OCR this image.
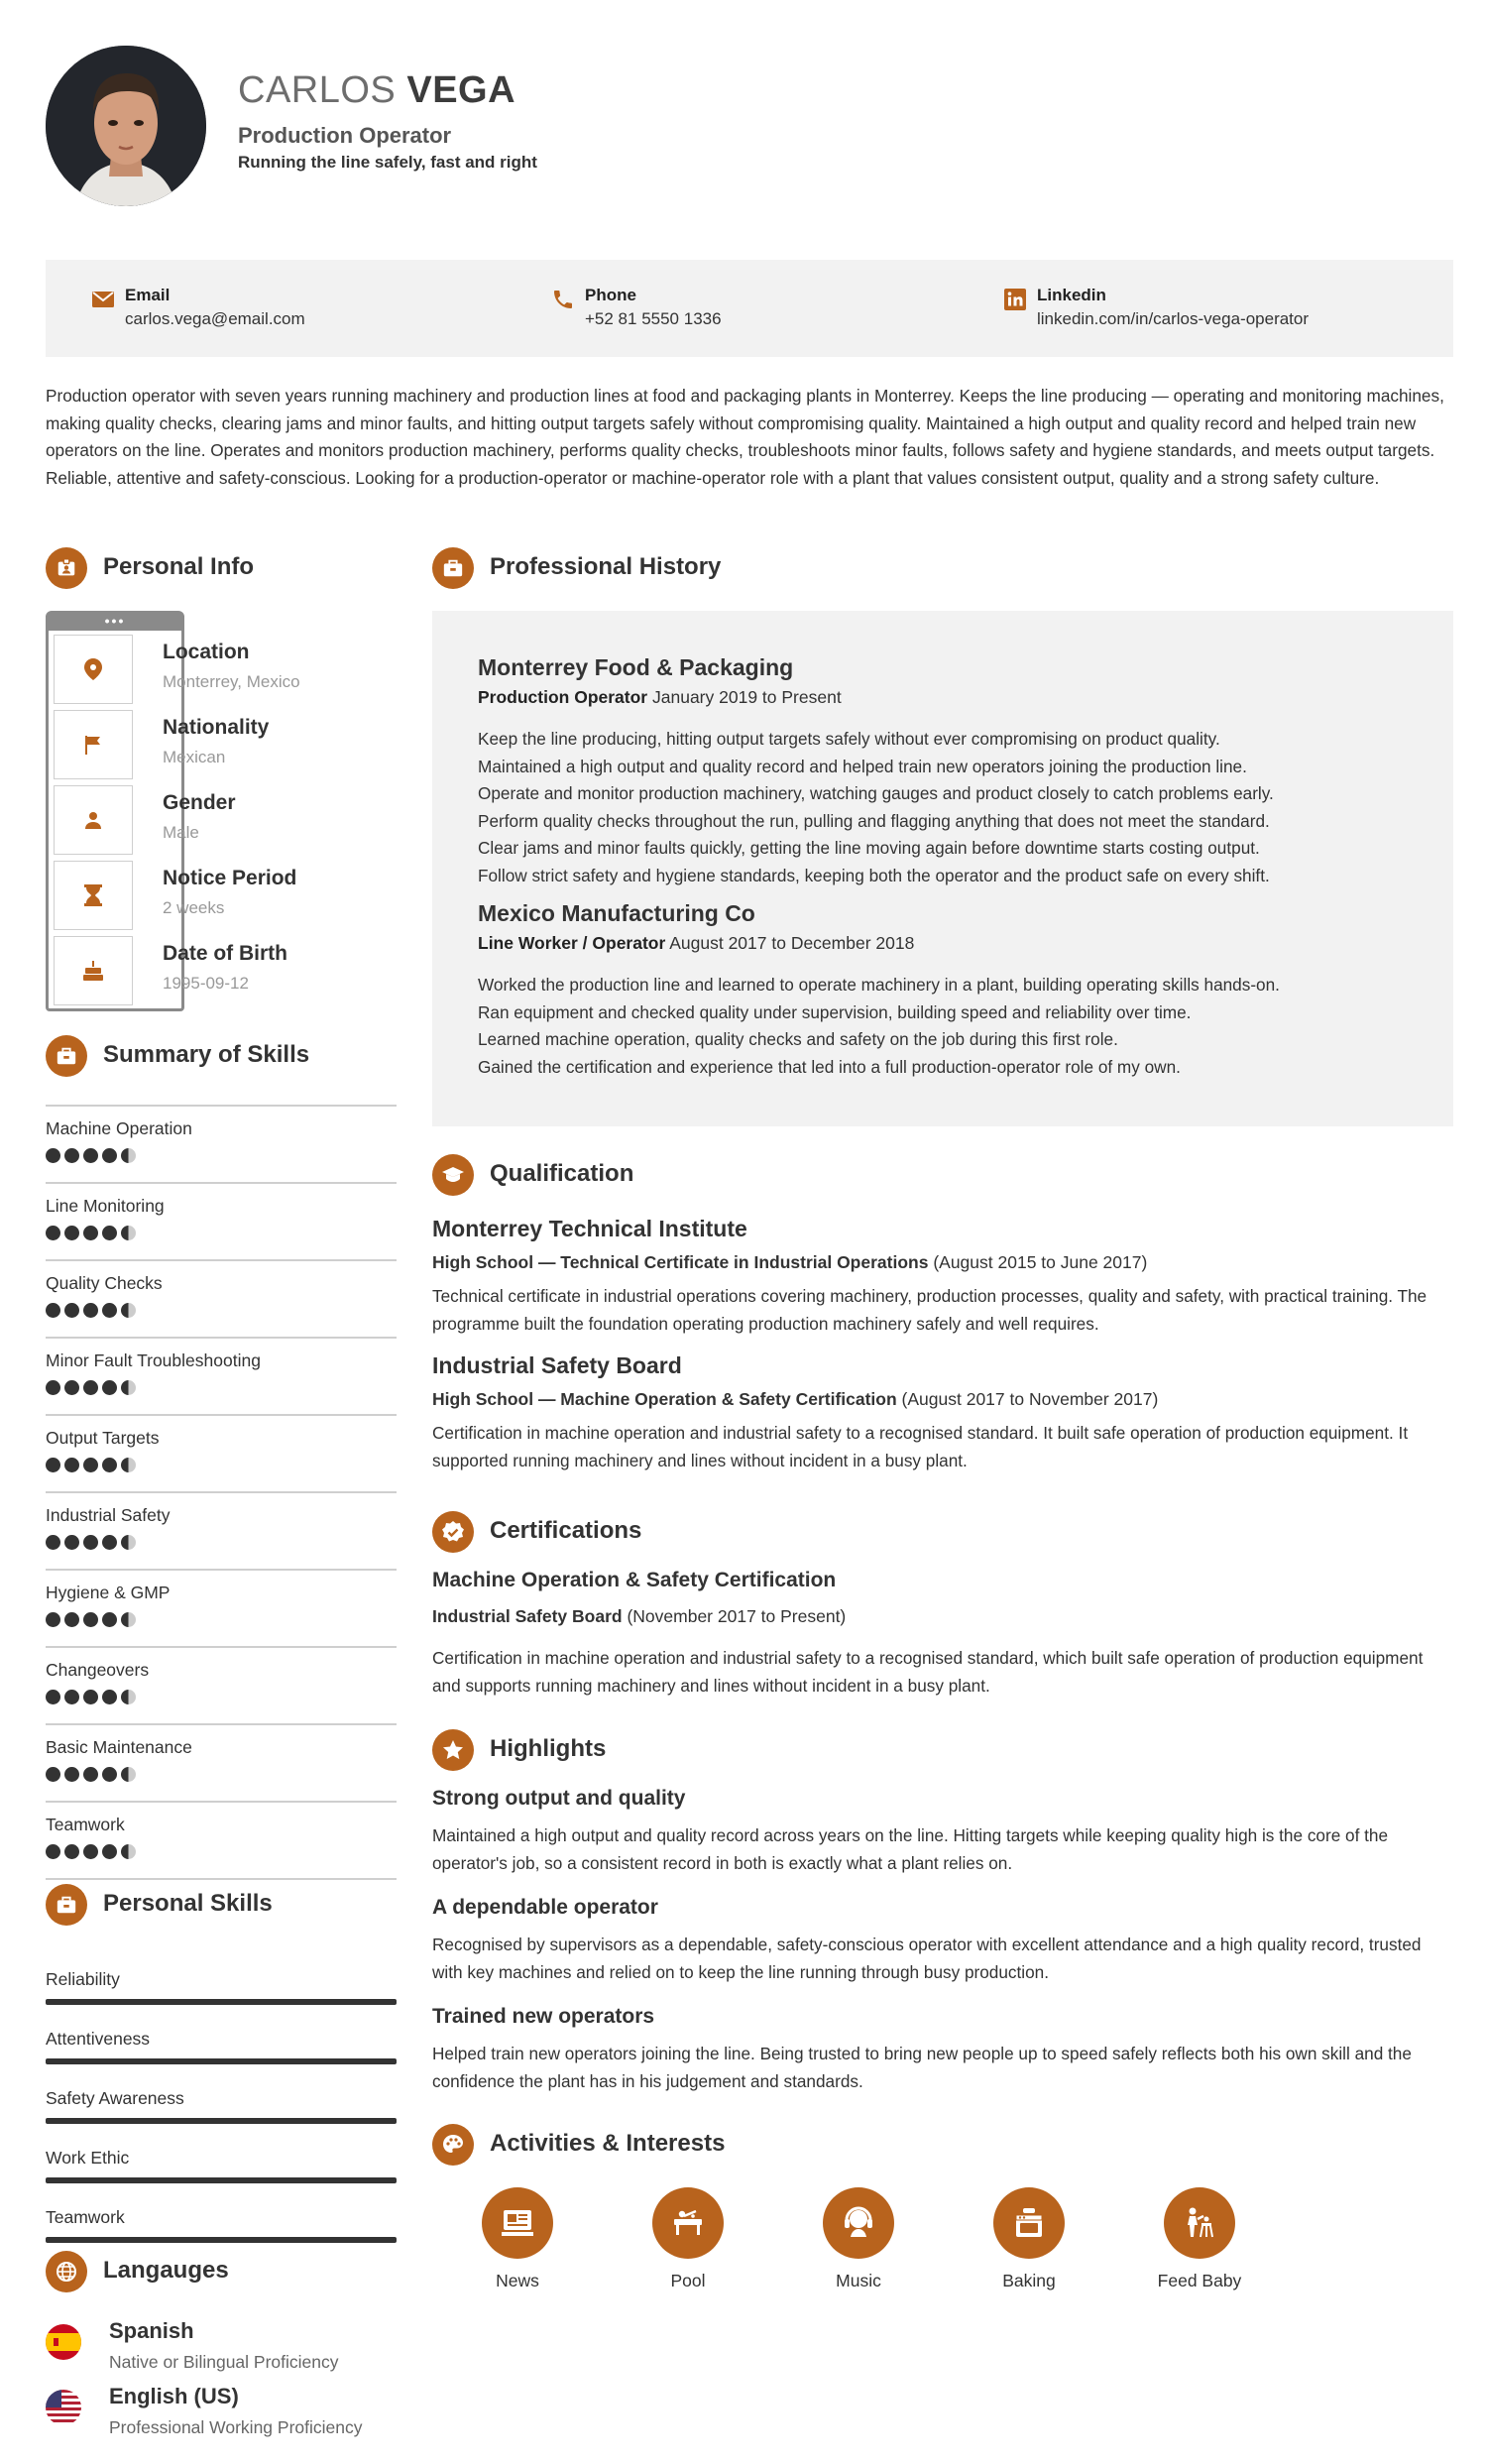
CARLOS VEGA
Production Operator
Running the line safely, fast and right
Email
carlos.vega@email.com
Phone
+52 81 5550 1336
Linkedin
linkedin.com/in/carlos-vega-operator
Production operator with seven years running machinery and production lines at food and packaging plants in Monterrey. Keeps the line producing — operating and monitoring machines, making quality checks, clearing jams and minor faults, and hitting output targets safely without compromising quality. Maintained a high output and quality record and helped train new operators on the line. Operates and monitors production machinery, performs quality checks, troubleshoots minor faults, follows safety and hygiene standards, and meets output targets. Reliable, attentive and safety-conscious. Looking for a production-operator or machine-operator role with a plant that values consistent output, quality and a strong safety culture.
Personal Info
•••
Location
Monterrey, Mexico
Nationality
Mexican
Gender
Male
Notice Period
2 weeks
Date of Birth
1995-09-12
Summary of Skills
Machine Operation
Line Monitoring
Quality Checks
Minor Fault Troubleshooting
Output Targets
Industrial Safety
Hygiene & GMP
Changeovers
Basic Maintenance
Teamwork
Personal Skills
Reliability
Attentiveness
Safety Awareness
Work Ethic
Teamwork
Langauges
Spanish
Native or Bilingual Proficiency
English (US)
Professional Working Proficiency
Professional History
Monterrey Food & Packaging
Production Operator January 2019 to Present
Keep the line producing, hitting output targets safely without ever compromising on product quality.
Maintained a high output and quality record and helped train new operators joining the production line.
Operate and monitor production machinery, watching gauges and product closely to catch problems early.
Perform quality checks throughout the run, pulling and flagging anything that does not meet the standard.
Clear jams and minor faults quickly, getting the line moving again before downtime starts costing output.
Follow strict safety and hygiene standards, keeping both the operator and the product safe on every shift.
Mexico Manufacturing Co
Line Worker / Operator August 2017 to December 2018
Worked the production line and learned to operate machinery in a plant, building operating skills hands-on.
Ran equipment and checked quality under supervision, building speed and reliability over time.
Learned machine operation, quality checks and safety on the job during this first role.
Gained the certification and experience that led into a full production-operator role of my own.
Qualification
Monterrey Technical Institute
High School — Technical Certificate in Industrial Operations (August 2015 to June 2017)
Technical certificate in industrial operations covering machinery, production processes, quality and safety, with practical training. The programme built the foundation operating production machinery safely and well requires.
Industrial Safety Board
High School — Machine Operation & Safety Certification (August 2017 to November 2017)
Certification in machine operation and industrial safety to a recognised standard. It built safe operation of production equipment. It supported running machinery and lines without incident in a busy plant.
Certifications
Machine Operation & Safety Certification
Industrial Safety Board (November 2017 to Present)
Certification in machine operation and industrial safety to a recognised standard, which built safe operation of production equipment and supports running machinery and lines without incident in a busy plant.
Highlights
Strong output and quality
Maintained a high output and quality record across years on the line. Hitting targets while keeping quality high is the core of the operator's job, so a consistent record in both is exactly what a plant relies on.
A dependable operator
Recognised by supervisors as a dependable, safety-conscious operator with excellent attendance and a high quality record, trusted with key machines and relied on to keep the line running through busy production.
Trained new operators
Helped train new operators joining the line. Being trusted to bring new people up to speed safely reflects both his own skill and the confidence the plant has in his judgement and standards.
Activities & Interests
News	Pool	Music	Baking	Feed Baby
